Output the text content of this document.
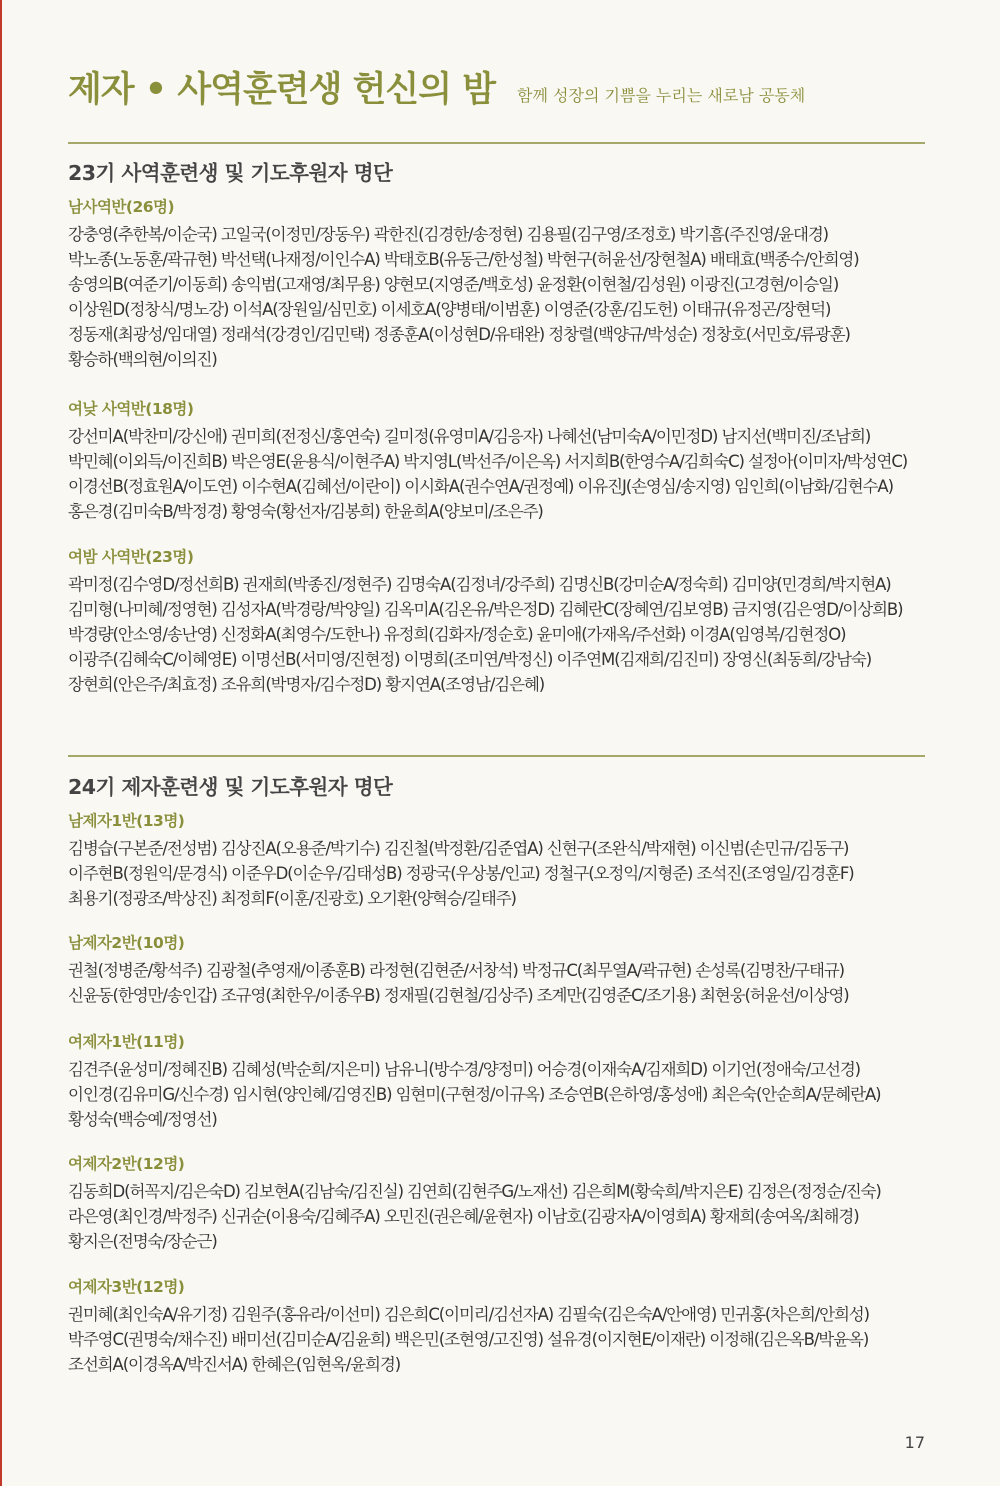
제자 • 사역훈련생 헌신의 밤 함께 성장의 기쁨을 누리는 새로남 공동체
23기 사역훈련생 및 기도후원자 명단
남사역반(26명)
강충영(추한복/이순국) 고일국(이정민/장동우) 곽한진(김경한/송정현) 김용필(김구영/조정호) 박기흠(주진영/윤대경)
박노종(노동훈/곽규현) 박선택(나재정/이인수A) 박태호B(유동근/한성철) 박현구(허윤선/장현철A) 배태효(백종수/안희영)
송영의B(여준기/이동희) 송익범(고재영/최무용) 양현모(지영준/백호성) 윤정환(이현철/김성원) 이광진(고경현/이승일)
이상원D(정창식/명노강) 이석A(장원일/심민호) 이세호A(양병태/이범훈) 이영준(강훈/김도헌) 이태규(유정곤/장현덕)
정동재(최광성/임대열) 정래석(강경인/김민택) 정종훈A(이성현D/유태완) 정창렬(백양규/박성순) 정창호(서민호/류광훈)
황승하(백의현/이의진)
여낮 사역반(18명)
강선미A(박찬미/강신애) 권미희(전정신/홍연숙) 길미정(유영미A/김응자) 나혜선(남미숙A/이민정D) 남지선(백미진/조남희)
박민혜(이외득/이진희B) 박은영E(윤용식/이현주A) 박지영L(박선주/이은옥) 서지희B(한영수A/김희숙C) 설정아(이미자/박성연C)
이경선B(정효원A/이도연) 이수현A(김혜선/이란이) 이시화A(권수연A/권정예) 이유진J(손영심/송지영) 임인희(이남화/김현수A)
홍은경(김미숙B/박정경) 황영숙(황선자/김봉희) 한윤희A(양보미/조은주)
여밤 사역반(23명)
곽미정(김수영D/정선희B) 권재희(박종진/정현주) 김명숙A(김정녀/강주희) 김명신B(강미순A/정숙희) 김미양(민경희/박지현A)
김미형(나미혜/정영현) 김성자A(박경랑/박양일) 김옥미A(김온유/박은정D) 김혜란C(장혜연/김보영B) 금지영(김은영D/이상희B)
박경량(안소영/송난영) 신정화A(최영수/도한나) 유정희(김화자/정순호) 윤미애(가재옥/주선화) 이경A(임영복/김현정O)
이광주(김혜숙C/이혜영E) 이명선B(서미영/진현정) 이명희(조미연/박정신) 이주연M(김재희/김진미) 장영신(최동희/강남숙)
장현희(안은주/최효정) 조유희(박명자/김수정D) 황지연A(조영남/김은혜)
24기 제자훈련생 및 기도후원자 명단
남제자1반(13명)
김병습(구본준/전성범) 김상진A(오용준/박기수) 김진철(박정환/김준엽A) 신현구(조완식/박재현) 이신범(손민규/김동구)
이주현B(정원익/문경식) 이준우D(이순우/김태성B) 정광국(우상봉/인교) 정철구(오정익/지형준) 조석진(조영일/김경훈F)
최용기(정광조/박상진) 최정희F(이훈/진광호) 오기환(양혁승/길태주)
남제자2반(10명)
권철(정병준/황석주) 김광철(추영재/이종훈B) 라정현(김현준/서창석) 박정규C(최무열A/곽규현) 손성록(김명찬/구태규)
신윤동(한영만/송인갑) 조규영(최한우/이종우B) 정재필(김현철/김상주) 조계만(김영준C/조기용) 최현웅(허윤선/이상영)
여제자1반(11명)
김견주(윤성미/정혜진B) 김혜성(박순희/지은미) 남유니(방수경/양정미) 어승경(이재숙A/김재희D) 이기언(정애숙/고선경)
이인경(김유미G/신수경) 임시현(양인혜/김영진B) 임현미(구현정/이규옥) 조승연B(은하영/홍성애) 최은숙(안순희A/문혜란A)
황성숙(백승예/정영선)
여제자2반(12명)
김동희D(허꼭지/김은숙D) 김보현A(김남숙/김진실) 김연희(김현주G/노재선) 김은희M(황숙희/박지은E) 김정은(정정순/진숙)
라은영(최인경/박정주) 신귀순(이용숙/김혜주A) 오민진(권은혜/윤현자) 이남호(김광자A/이영희A) 황재희(송여옥/최해경)
황지은(전명숙/장순근)
여제자3반(12명)
권미혜(최인숙A/유기정) 김원주(홍유라/이선미) 김은희C(이미리/김선자A) 김필숙(김은숙A/안애영) 민귀홍(차은희/안희성)
박주영C(권명숙/채수진) 배미선(김미순A/김윤희) 백은민(조현영/고진영) 설유경(이지현E/이재란) 이정해(김은옥B/박윤옥)
조선희A(이경옥A/박진서A) 한혜은(임현옥/윤희경)
17
